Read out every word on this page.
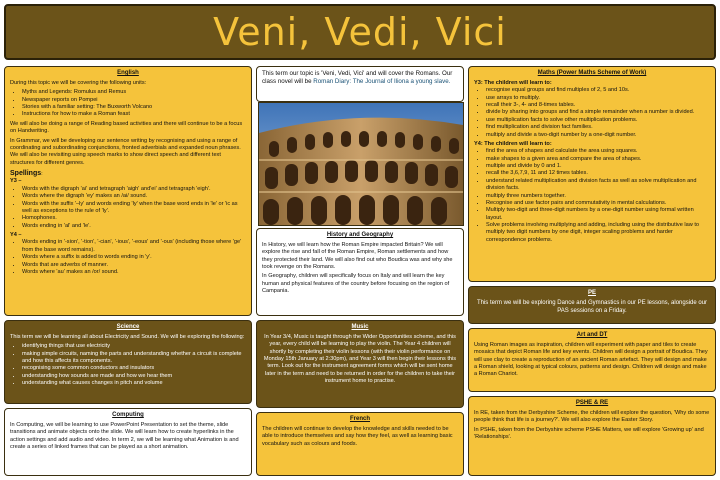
Veni, Vedi, Vici
English

During this topic we will be covering the following units:

• Myths and Legends: Romulus and Remus
• Newspaper reports on Pompei
• Stories with a familiar setting: The Buxworth Volcano
• Instructions for how to make a Roman feast

We will also be doing a range of Reading based activities and there will continue to be a focus on Handwriting.

In Grammar, we will be developing our sentence writing by recognising and using a range of coordinating and subordinating conjunctions, fronted adverbials and expanded noun phrases. We will also be revisiting using speech marks to show direct speech and different text structures for different genres.

Spellings:

Y3 –

• Words with the digraph 'ai' and tetragraph 'aigh' and'ei' and tetragraph 'eigh'.
• Words where the digraph 'ey' makes an /ai/ sound.
• Words with the suffix '–ly' and words ending 'ly' when the base word ends in 'le' or 'ic as well as exceptions to the rule of 'ly'.
• Homophones.
• Words ending in 'al' and 'le'.

Y4 –

• Words ending in '-sion', '-tion', '-cian', '-ious', '-eous' and '-ous' (including those where 'ge' from the base word remains).
• Words where a suffix is added to words ending in 'y'.
• Words that are adverbs of manner.
• Words where 'au' makes an /or/ sound.
This term our topic is 'Veni, Vedi, Vici' and will cover the Romans. Our class novel will be Roman Diary: The Journal of Iliona a young slave.
History and Geography

In History, we will learn how the Roman Empire impacted Britain? We will explore the rise and fall of the Roman Empire, Roman settlements and how they protected their land. We will also find out who Boudica was and why she took revenge on the Romans.

In Geography, children will specifically focus on Italy and will learn the key human and physical features of the country before focusing on the region of Campania.

Maths (Power Maths Scheme of Work)

Y3: The children will learn to:

• recognise equal groups and find multiples of 2, 5 and 10s.
• use arrays to multiply.
• recall their 3-, 4- and 8-times tables.
• divide by sharing into groups and find a simple remainder when a number is divided.
• use multiplication facts to solve other multiplication problems.
• find multiplication and division fact families.
• multiply and divide a two-digit number by a one-digit number.

Y4: The children will learn to:

• find the area of shapes and calculate the area using squares.
• make shapes to a given area and compare the area of shapes.
• multiple and divide by 0 and 1.
• recall the 3,6,7,9, 11 and 12 times tables.
• understand related multiplication and division facts as well as solve multiplication and division facts.
• multiply three numbers together.
• Recognise and use factor pairs and commutativity in mental calculations.
• Multiply two-digit and three-digit numbers by a one-digit number using formal written layout.
• Solve problems involving multiplying and adding, including using the distributive law to multiply two digit numbers by one digit, integer scaling problems and harder correspondence problems.
PE

This term we will be exploring Dance and Gymnastics in our PE lessons, alongside our PAS sessions on a Friday.

Science

This term we will be learning all about Electricity and Sound. We will be exploring the following:

• identifying things that use electricity
• making simple circuits, naming the parts and understanding whether a circuit is complete and how this affects its components.
• recognising some common conductors and insulators
• understanding how sounds are made and how we hear them
• understanding what causes changes in pitch and volume
Music

In Year 3/4, Music is taught through the Wider Opportunities scheme, and this year, every child will be learning to play the violin. The Year 4 children will shortly by completing their violin lessons (with their violin performance on Monday 15th January at 2:30pm), and Year 3 will then begin their lessons this term. Look out for the instrument agreement forms which will be sent home later in the term and need to be returned in order for the children to take their instrument home to practise.

Art and DT

Using Roman images as inspiration, children will experiment with paper and tiles to create mosaics that depict Roman life and key events. Children will design a portrait of Boudica. They will use clay to create a reproduction of an ancient Roman artefact. They will design and make a Roman shield, looking at typical colours, patterns and design. Children will design and make a Roman Chariot.

Computing

In Computing, we will be learning to use PowerPoint Presentation to set the theme, slide transitions and animate objects onto the slide. We will learn how to create hyperlinks in the action settings and add audio and video. In term 2, we will be learning what Animation is and create a series of linked frames that can be played as a short animation.

French

The children will continue to develop the knowledge and skills needed to be able to introduce themselves and say how they feel, as well as learning basic vocabulary such as colours and foods.

PSHE & RE

In RE, taken from the Derbyshire Scheme, the children will explore the question, 'Why do some people think that life is a journey?'. We will also explore the Easter Story.

In PSHE, taken from the Derbyshire scheme PSHE Matters, we will explore 'Growing up' and 'Relationships'.
